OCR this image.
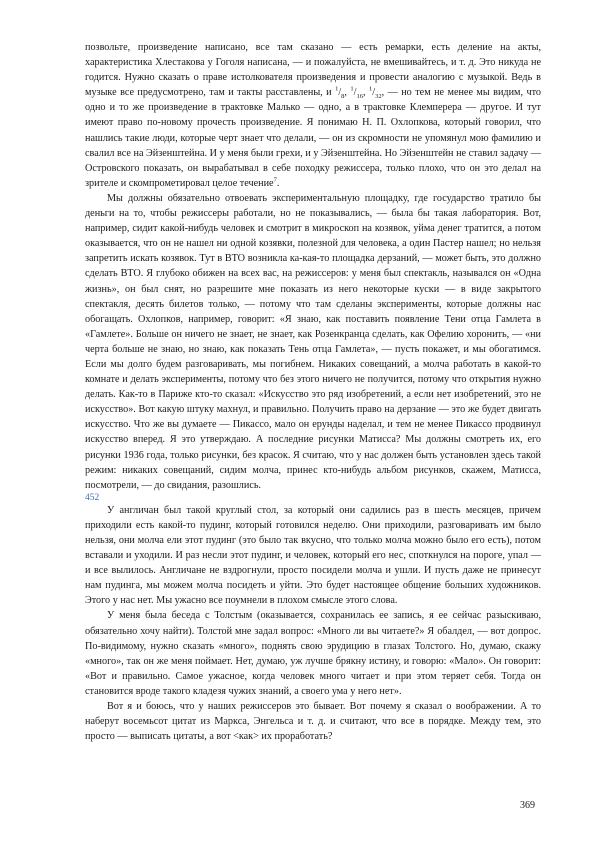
позвольте, произведение написано, все там сказано — есть ремарки, есть деление на акты, характеристика Хлестакова у Гоголя написана, — и пожалуйста, не вмешивайтесь, и т. д. Это никуда не годится. Нужно сказать о праве истолкователя произведения и провести аналогию с музыкой. Ведь в музыке все предусмотрено, там и такты расставлены, и $^1/_8$, $^1/_{16}$, $^1/_{32}$, — но тем не менее мы видим, что одно и то же произведение в трактовке Малько — одно, а в трактовке Клемперера — другое. И тут имеют право по-новому прочесть произведение. Я понимаю Н. П. Охлопкова, который говорил, что нашлись такие люди, которые черт знает что делали, — он из скромности не упомянул мою фамилию и свалил все на Эйзенштейна. И у меня были грехи, и у Эйзенштейна. Но Эйзенштейн не ставил задачу — Островского показать, он вырабатывал в себе походку режиссера, только плохо, что он это делал на зрителе и скомпрометировал целое течение$^7$.

Мы должны обязательно отвоевать экспериментальную площадку, где государство тратило бы деньги на то, чтобы режиссеры работали, но не показывались, — была бы такая лаборатория. Вот, например, сидит какой-нибудь человек и смотрит в микроскоп на козявок, уйма денег тратится, а потом оказывается, что он не нашел ни одной козявки, полезной для человека, а один Пастер нашел; но нельзя запретить искать козявок. Тут в ВТО возникла ка-кая-то площадка дерзаний, — может быть, это должно сделать ВТО. Я глубоко обижен на всех вас, на режиссеров: у меня был спектакль, назывался он «Одна жизнь», он был снят, но разрешите мне показать из него некоторые куски — в виде закрытого спектакля, десять билетов только, — потому что там сделаны эксперименты, которые должны нас обогащать. Охлопков, например, говорит: «Я знаю, как поставить появление Тени отца Гамлета в «Гамлете». Больше он ничего не знает, не знает, как Розенкранца сделать, как Офелию хоронить, — «ни черта больше не знаю, но знаю, как показать Тень отца Гамлета», — пусть покажет, и мы обогатимся. Если мы долго будем разговаривать, мы погибнем. Никаких совещаний, а молча работать в какой-то комнате и делать эксперименты, потому что без этого ничего не получится, потому что открытия нужно делать. Как-то в Париже кто-то сказал: «Искусство это ряд изобретений, а если нет изобретений, это не искусство». Вот какую штуку махнул, и правильно. Получить право на дерзание — это же будет двигать искусство. Что же вы думаете — Пикассо, мало он ерунды наделал, и тем не менее Пикассо продвинул искусство вперед. Я это утверждаю. А последние рисунки Матисса? Мы должны смотреть их, его рисунки 1936 года, только рисунки, без красок. Я считаю, что у нас должен быть установлен здесь такой режим: никаких совещаний, сидим молча, принес кто-нибудь альбом рисунков, скажем, Матисса, посмотрели, — до свидания, разошлись.

452

У англичан был такой круглый стол, за который они садились раз в шесть месяцев, причем приходили есть какой-то пудинг, который готовился неделю. Они приходили, разговаривать им было нельзя, они молча ели этот пудинг (это было так вкусно, что только молча можно было его есть), потом вставали и уходили. И раз несли этот пудинг, и человек, который его нес, споткнулся на пороге, упал — и все вылилось. Англичане не вздрогнули, просто посидели молча и ушли. И пусть даже не принесут нам пудинга, мы можем молча посидеть и уйти. Это будет настоящее общение больших художников. Этого у нас нет. Мы ужасно все поумнели в плохом смысле этого слова.

У меня была беседа с Толстым (оказывается, сохранилась ее запись, я ее сейчас разыскиваю, обязательно хочу найти). Толстой мне задал вопрос: «Много ли вы читаете?» Я обалдел, — вот допрос. По-видимому, нужно сказать «много», поднять свою эрудицию в глазах Толстого. Но, думаю, скажу «много», так он же меня поймает. Нет, думаю, уж лучше брякну истину, и говорю: «Мало». Он говорит: «Вот и правильно. Самое ужасное, когда человек много читает и при этом теряет себя. Тогда он становится вроде такого кладезя чужих знаний, а своего ума у него нет».

Вот я и боюсь, что у наших режиссеров это бывает. Вот почему я сказал о воображении. А то наберут восемьсот цитат из Маркса, Энгельса и т. д. и считают, что все в порядке. Между тем, это просто — выписать цитаты, а вот <как> их проработать?

369
